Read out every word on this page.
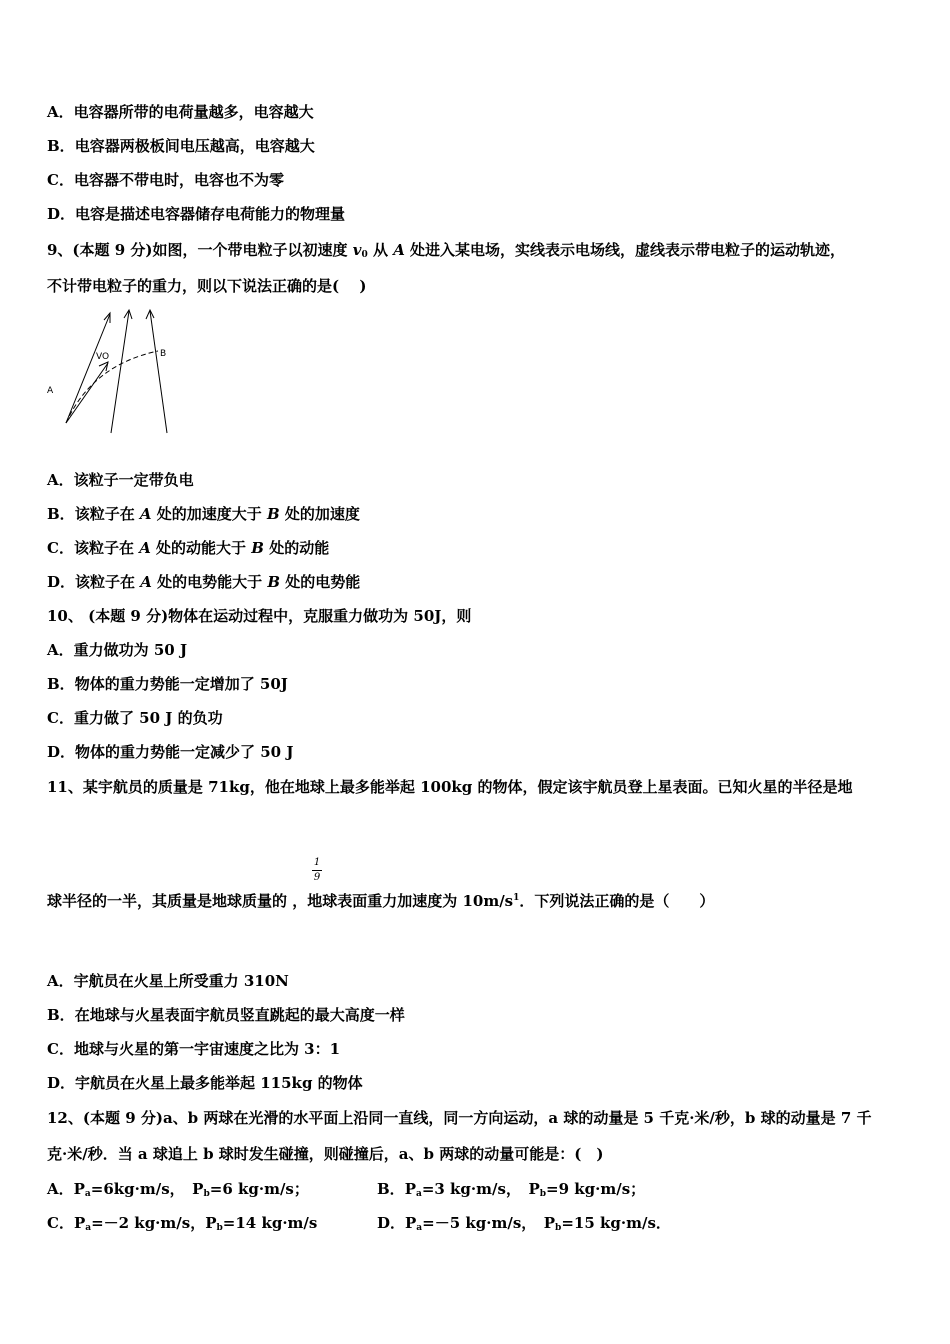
A．电容器所带的电荷量越多，电容越大
B．电容器两极板间电压越高，电容越大
C．电容器不带电时，电容也不为零
D．电容是描述电容器储存电荷能力的物理量
9、(本题 9 分)如图，一个带电粒子以初速度 $v_0$ 从 A 处进入某电场，实线表示电场线，虚线表示带电粒子的运动轨迹，
不计带电粒子的重力，则以下说法正确的是(　 )
A
B
VO
A．该粒子一定带负电
B．该粒子在 A 处的加速度大于 B 处的加速度
C．该粒子在 A 处的动能大于 B 处的动能
D．该粒子在 A 处的电势能大于 B 处的电势能
10、 (本题 9 分)物体在运动过程中，克服重力做功为 50J，则
A．重力做功为 50 J
B．物体的重力势能一定增加了 50J
C．重力做了 50 J 的负功
D．物体的重力势能一定减少了 50 J
11、某宇航员的质量是 71kg，他在地球上最多能举起 100kg 的物体，假定该宇航员登上星表面。已知火星的半径是地
1
9
球半径的一半，其质量是地球质量的 ，地球表面重力加速度为 $10m/s^1$．下列说法正确的是（　　）
A．宇航员在火星上所受重力 310N
B．在地球与火星表面宇航员竖直跳起的最大高度一样
C．地球与火星的第一宇宙速度之比为 3：1
D．宇航员在火星上最多能举起 115kg 的物体
12、(本题 9 分)a、b 两球在光滑的水平面上沿同一直线，同一方向运动，a 球的动量是 5 千克·米/秒，b 球的动量是 7 千
克·米/秒．当 a 球追上 b 球时发生碰撞，则碰撞后，a、b 两球的动量可能是：(　)
A．$P_a=6kg\cdot m/s$，　$P_b=6$ kg·m/s；	B．$P_a=3$ kg·m/s，　$P_b=9$ kg·m/s；
C．$P_a=-2$ kg·m/s，$P_b=14$ kg·m/s	D．$P_a=-5$ kg·m/s，　$P_b=15$ kg·m/s．
